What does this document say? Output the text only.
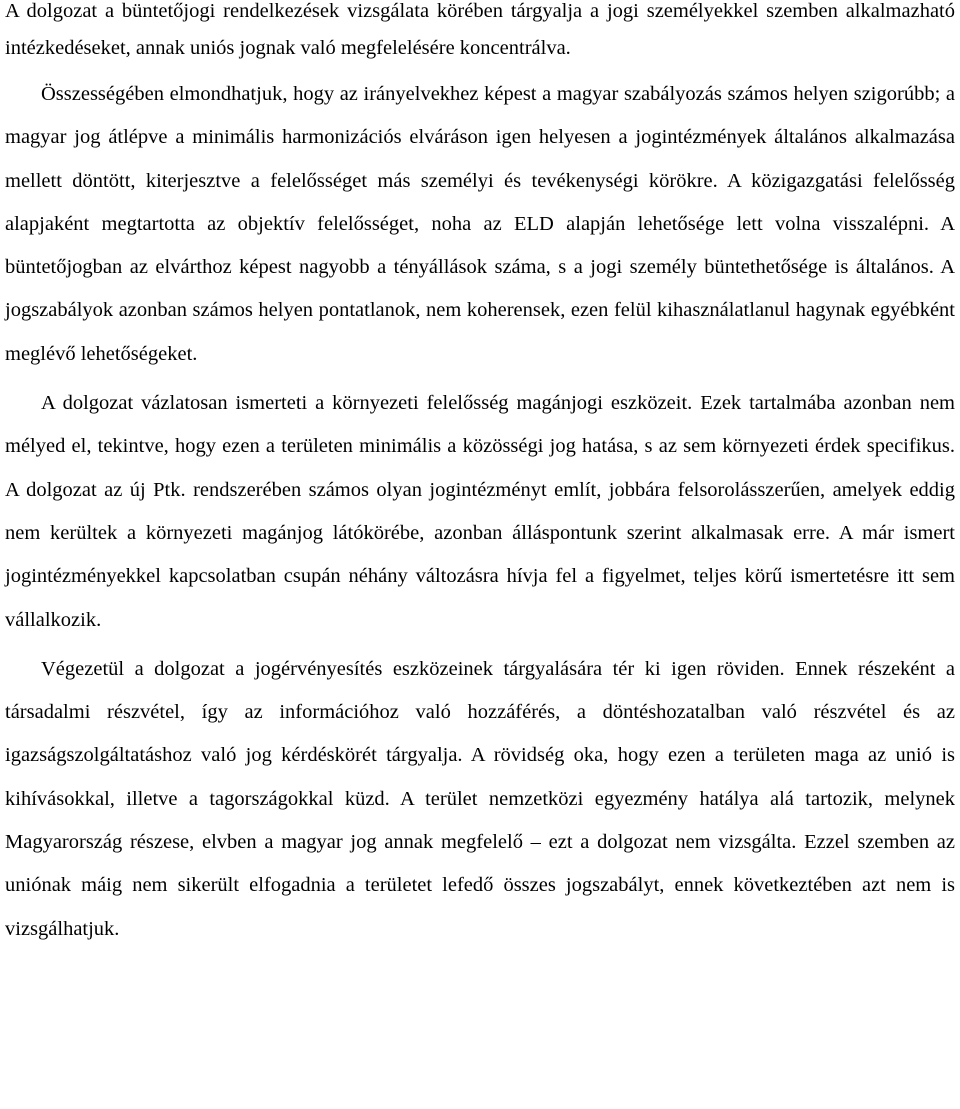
A dolgozat a büntetőjogi rendelkezések vizsgálata körében tárgyalja a jogi személyekkel szemben alkalmazható intézkedéseket, annak uniós jognak való megfelelésére koncentrálva.

Összességében elmondhatjuk, hogy az irányelvekhez képest a magyar szabályozás számos helyen szigorúbb; a magyar jog átlépve a minimális harmonizációs elváráson igen helyesen a jogintézmények általános alkalmazása mellett döntött, kiterjesztve a felelősséget más személyi és tevékenységi körökre. A közigazgatási felelősség alapjaként megtartotta az objektív felelősséget, noha az ELD alapján lehetősége lett volna visszalépni. A büntetőjogban az elvárthoz képest nagyobb a tényállások száma, s a jogi személy büntethetősége is általános. A jogszabályok azonban számos helyen pontatlanok, nem koherensek, ezen felül kihasználatlanul hagynak egyébként meglévő lehetőségeket.

A dolgozat vázlatosan ismerteti a környezeti felelősség magánjogi eszközeit. Ezek tartalmába azonban nem mélyed el, tekintve, hogy ezen a területen minimális a közösségi jog hatása, s az sem környezeti érdek specifikus. A dolgozat az új Ptk. rendszerében számos olyan jogintézményt említ, jobbára felsorolásszerűen, amelyek eddig nem kerültek a környezeti magánjog látókörébe, azonban álláspontunk szerint alkalmasak erre. A már ismert jogintézményekkel kapcsolatban csupán néhány változásra hívja fel a figyelmet, teljes körű ismertetésre itt sem vállalkozik.

Végezetül a dolgozat a jogérvényesítés eszközeinek tárgyalására tér ki igen röviden. Ennek részeként a társadalmi részvétel, így az információhoz való hozzáférés, a döntéshozatalban való részvétel és az igazságszolgáltatáshoz való jog kérdéskörét tárgyalja. A rövidség oka, hogy ezen a területen maga az unió is kihívásokkal, illetve a tagországokkal küzd. A terület nemzetközi egyezmény hatálya alá tartozik, melynek Magyarország részese, elvben a magyar jog annak megfelelő – ezt a dolgozat nem vizsgálta. Ezzel szemben az uniónak máig nem sikerült elfogadnia a területet lefedő összes jogszabályt, ennek következtében azt nem is vizsgálhatjuk.
